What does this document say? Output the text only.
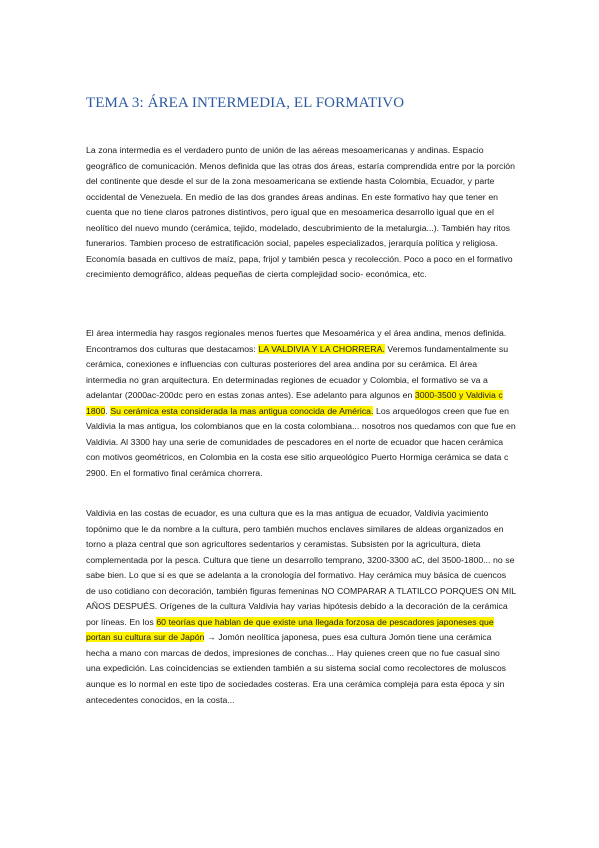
TEMA 3: ÁREA INTERMEDIA, EL FORMATIVO

La zona intermedia es el verdadero punto de unión de las aéreas mesoamericanas y andinas. Espacio geográfico de comunicación. Menos definida que las otras dos áreas, estaría comprendida entre por la porción del continente que desde el sur de la zona mesoamericana se extiende hasta Colombia, Ecuador, y parte occidental de Venezuela. En medio de las dos grandes áreas andinas. En este formativo hay que tener en cuenta que no tiene claros patrones distintivos, pero igual que en mesoamerica desarrollo igual que en el neolítico del nuevo mundo (cerámica, tejido, modelado, descubrimiento de la metalurgia...). También hay ritos funerarios. Tambien proceso de estratificación social, papeles especializados, jerarquía política y religiosa. Economía basada en cultivos de maíz, papa, frijol y también pesca y recolección. Poco a poco en el formativo crecimiento demográfico, aldeas pequeñas de cierta complejidad socio- económica, etc.

El área intermedia hay rasgos regionales menos fuertes que Mesoamérica y el área andina, menos definida. Encontramos dos culturas que destacamos: LA VALDIVIA Y LA CHORRERA. Veremos fundamentalmente su cerámica, conexiones e influencias con culturas posteriores del area andina por su cerámica. El área intermedia no gran arquitectura. En determinadas regiones de ecuador y Colombia, el formativo se va a adelantar (2000ac-200dc pero en estas zonas antes). Ese adelanto para algunos en 3000-3500 y Valdivia c 1800. Su cerámica esta considerada la mas antigua conocida de América. Los arqueólogos creen que fue en Valdivia la mas antigua, los colombianos que en la costa colombiana... nosotros nos quedamos con que fue en Valdivia. Al 3300 hay una serie de comunidades de pescadores en el norte de ecuador que hacen cerámica con motivos geométricos, en Colombia en la costa ese sitio arqueológico Puerto Hormiga cerámica se data c 2900. En el formativo final cerámica chorrera.

Valdivia en las costas de ecuador, es una cultura que es la mas antigua de ecuador, Valdivia yacimiento topónimo que le da nombre a la cultura, pero también muchos enclaves similares de aldeas organizados en torno a plaza central que son agricultores sedentarios y ceramistas. Subsisten por la agricultura, dieta complementada por la pesca. Cultura que tiene un desarrollo temprano, 3200-3300 aC, del 3500-1800... no se sabe bien. Lo que si es que se adelanta a la cronología del formativo. Hay cerámica muy básica de cuencos de uso cotidiano con decoración, también figuras femeninas NO COMPARAR A TLATILCO PORQUES ON MIL AÑOS DESPUÉS. Orígenes de la cultura Valdivia hay varias hipótesis debido a la decoración de la cerámica por líneas. En los 60 teorías que hablan de que existe una llegada forzosa de pescadores japoneses que portan su cultura sur de Japón → Jomón neolítica japonesa, pues esa cultura Jomón tiene una cerámica hecha a mano con marcas de dedos, impresiones de conchas... Hay quienes creen que no fue casual sino una expedición. Las coincidencias se extienden también a su sistema social como recolectores de moluscos aunque es lo normal en este tipo de sociedades costeras. Era una cerámica compleja para esta época y sin antecedentes conocidos, en la costa...
